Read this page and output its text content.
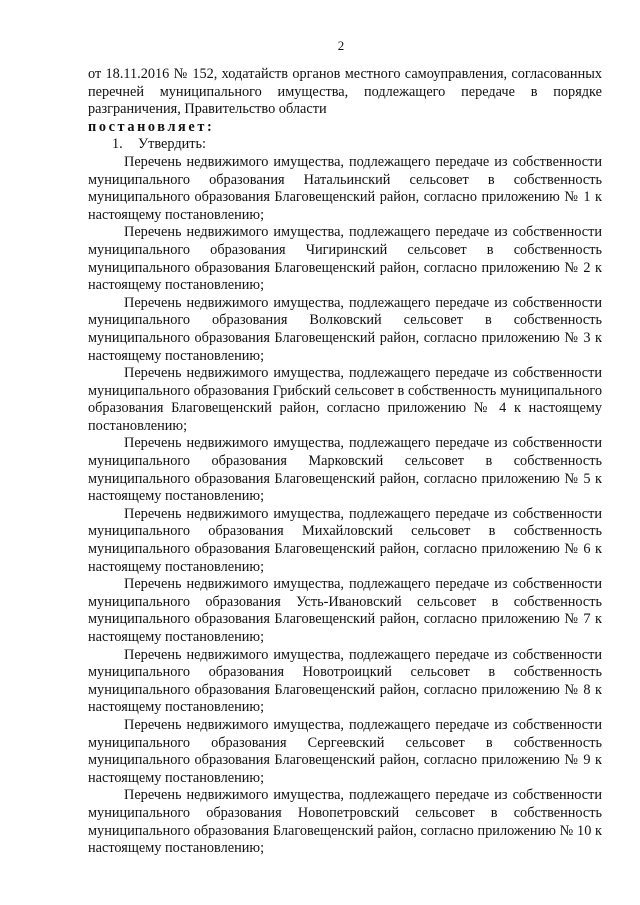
2

от 18.11.2016 № 152, ходатайств органов местного самоуправления, согласованных перечней муниципального имущества, подлежащего передаче в порядке разграничения, Правительство области

постановляет:

1. Утвердить:

Перечень недвижимого имущества, подлежащего передаче из собственности муниципального образования Натальинский сельсовет в собственность муниципального образования Благовещенский район, согласно приложению № 1 к настоящему постановлению;

Перечень недвижимого имущества, подлежащего передаче из собственности муниципального образования Чигиринский сельсовет в собственность муниципального образования Благовещенский район, согласно приложению № 2 к настоящему постановлению;

Перечень недвижимого имущества, подлежащего передаче из собственности муниципального образования Волковский сельсовет в собственность муниципального образования Благовещенский район, согласно приложению № 3 к настоящему постановлению;

Перечень недвижимого имущества, подлежащего передаче из собственности муниципального образования Грибский сельсовет в собственность муниципального образования Благовещенский район, согласно приложению № 4 к настоящему постановлению;

Перечень недвижимого имущества, подлежащего передаче из собственности муниципального образования Марковский сельсовет в собственность муниципального образования Благовещенский район, согласно приложению № 5 к настоящему постановлению;

Перечень недвижимого имущества, подлежащего передаче из собственности муниципального образования Михайловский сельсовет в собственность муниципального образования Благовещенский район, согласно приложению № 6 к настоящему постановлению;

Перечень недвижимого имущества, подлежащего передаче из собственности муниципального образования Усть-Ивановский сельсовет в собственность муниципального образования Благовещенский район, согласно приложению № 7 к настоящему постановлению;

Перечень недвижимого имущества, подлежащего передаче из собственности муниципального образования Новотроицкий сельсовет в собственность муниципального образования Благовещенский район, согласно приложению № 8 к настоящему постановлению;

Перечень недвижимого имущества, подлежащего передаче из собственности муниципального образования Сергеевский сельсовет в собственность муниципального образования Благовещенский район, согласно приложению № 9 к настоящему постановлению;

Перечень недвижимого имущества, подлежащего передаче из собственности муниципального образования Новопетровский сельсовет в собственность муниципального образования Благовещенский район, согласно приложению № 10 к настоящему постановлению;
